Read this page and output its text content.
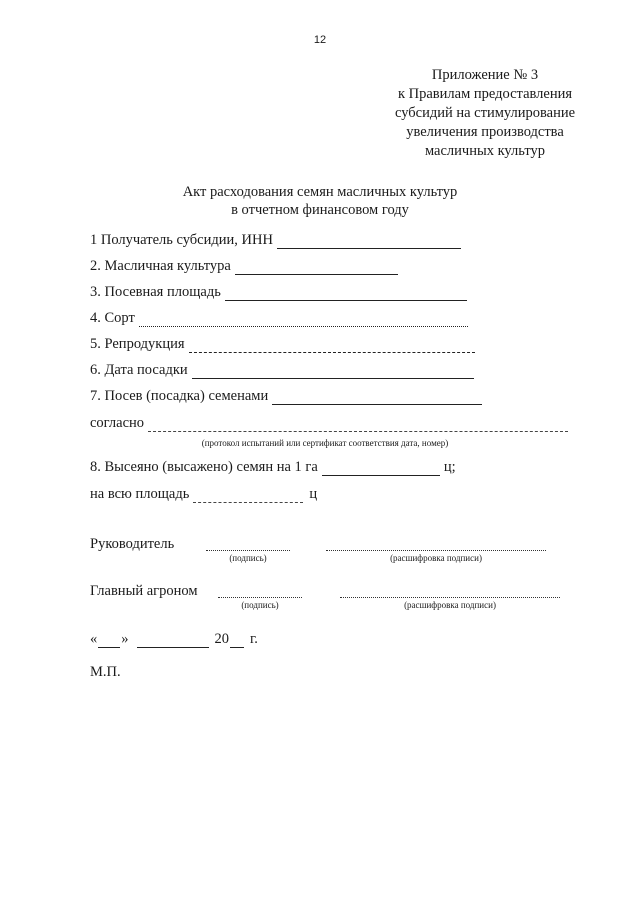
12
Приложение № 3
к Правилам предоставления
субсидий на стимулирование
увеличения производства
масличных культур
Акт расходования семян масличных культур
в отчетном финансовом году
1 Получатель субсидии, ИНН
2. Масличная культура
3. Посевная площадь
4. Сорт
5. Репродукция
6. Дата посадки
7. Посев (посадка) семенами
согласно
(протокол испытаний или сертификат соответствия дата, номер)
8. Высеяно (высажено) семян на 1 га	ц;
на всю площадь	ц
Руководитель
(подпись)	(расшифровка подписи)
Главный агроном
(подпись)	(расшифровка подписи)
« »	20 г.
М.П.
